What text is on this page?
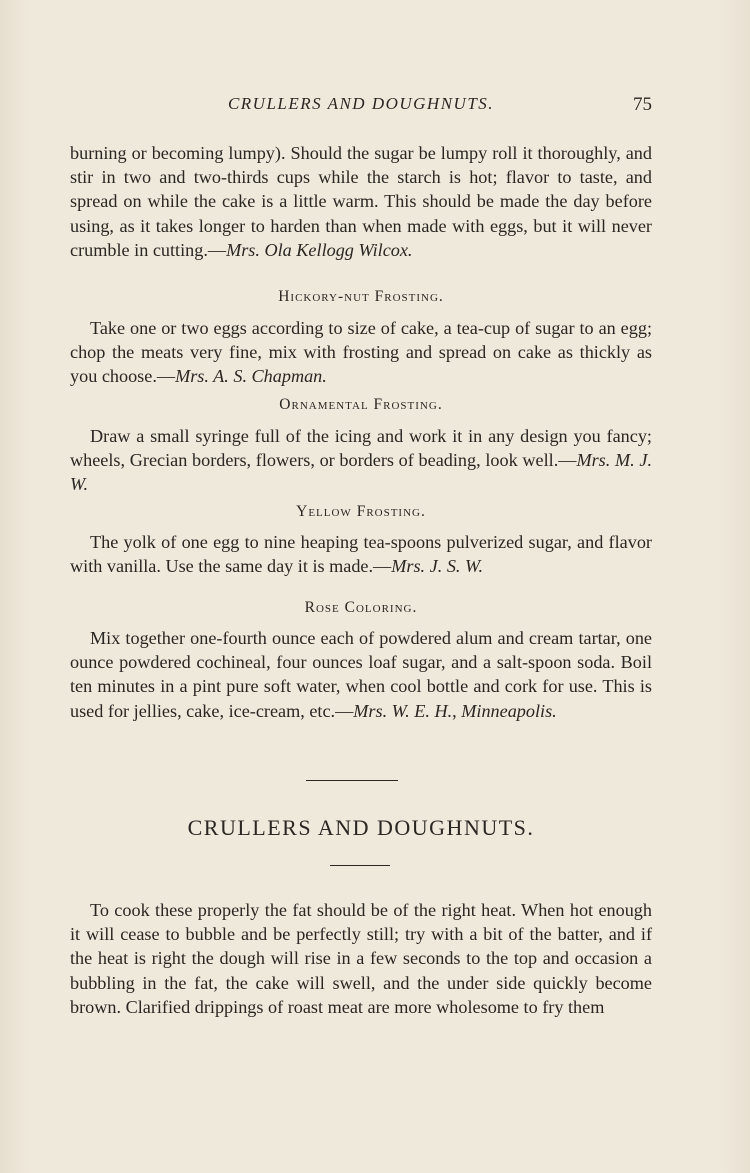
CRULLERS AND DOUGHNUTS.	75
burning or becoming lumpy). Should the sugar be lumpy roll it thoroughly, and stir in two and two-thirds cups while the starch is hot; flavor to taste, and spread on while the cake is a little warm. This should be made the day before using, as it takes longer to harden than when made with eggs, but it will never crumble in cutting.—Mrs. Ola Kellogg Wilcox.
Hickory-nut Frosting.
Take one or two eggs according to size of cake, a tea-cup of sugar to an egg; chop the meats very fine, mix with frosting and spread on cake as thickly as you choose.—Mrs. A. S. Chapman.
Ornamental Frosting.
Draw a small syringe full of the icing and work it in any design you fancy; wheels, Grecian borders, flowers, or borders of beading, look well.—Mrs. M. J. W.
Yellow Frosting.
The yolk of one egg to nine heaping tea-spoons pulverized sugar, and flavor with vanilla. Use the same day it is made.—Mrs. J. S. W.
Rose Coloring.
Mix together one-fourth ounce each of powdered alum and cream tartar, one ounce powdered cochineal, four ounces loaf sugar, and a salt-spoon soda. Boil ten minutes in a pint pure soft water, when cool bottle and cork for use. This is used for jellies, cake, ice-cream, etc.—Mrs. W. E. H., Minneapolis.
CRULLERS AND DOUGHNUTS.
To cook these properly the fat should be of the right heat. When hot enough it will cease to bubble and be perfectly still; try with a bit of the batter, and if the heat is right the dough will rise in a few seconds to the top and occasion a bubbling in the fat, the cake will swell, and the under side quickly become brown. Clarified drippings of roast meat are more wholesome to fry them
